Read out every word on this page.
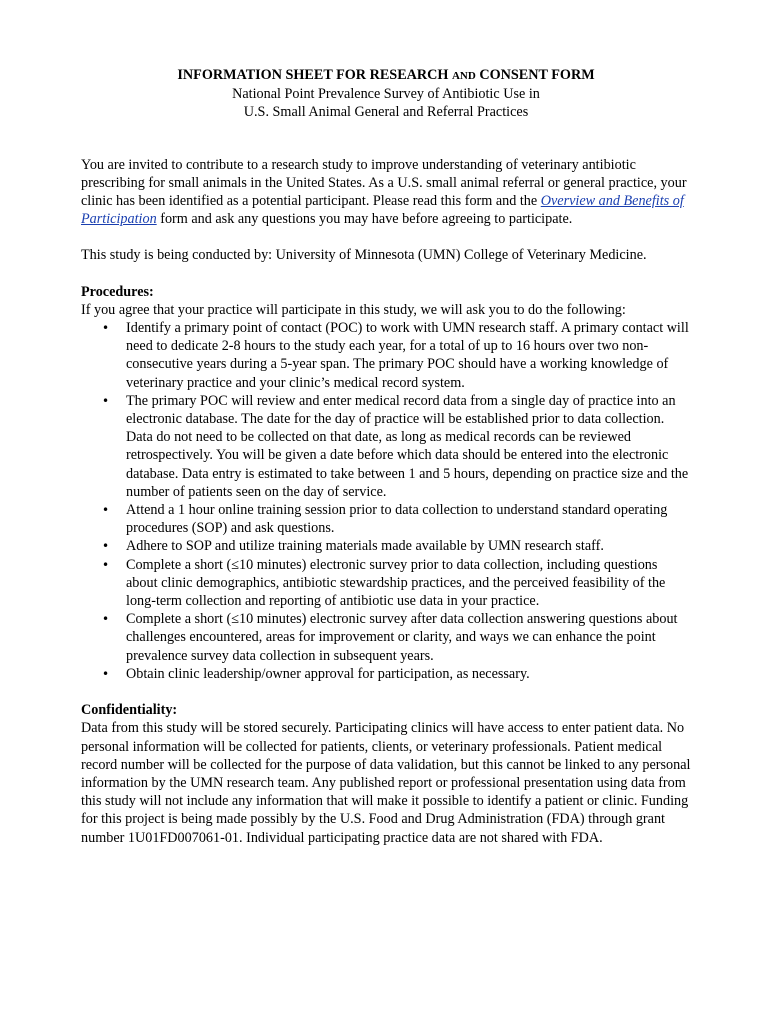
INFORMATION SHEET FOR RESEARCH AND CONSENT FORM
National Point Prevalence Survey of Antibiotic Use in
U.S. Small Animal General and Referral Practices

You are invited to contribute to a research study to improve understanding of veterinary antibiotic prescribing for small animals in the United States. As a U.S. small animal referral or general practice, your clinic has been identified as a potential participant. Please read this form and the Overview and Benefits of Participation form and ask any questions you may have before agreeing to participate.

This study is being conducted by: University of Minnesota (UMN) College of Veterinary Medicine.

Procedures:

If you agree that your practice will participate in this study, we will ask you to do the following:

• Identify a primary point of contact (POC) to work with UMN research staff. A primary contact will need to dedicate 2-8 hours to the study each year, for a total of up to 16 hours over two non-consecutive years during a 5-year span. The primary POC should have a working knowledge of veterinary practice and your clinic’s medical record system.
• The primary POC will review and enter medical record data from a single day of practice into an electronic database. The date for the day of practice will be established prior to data collection. Data do not need to be collected on that date, as long as medical records can be reviewed retrospectively. You will be given a date before which data should be entered into the electronic database. Data entry is estimated to take between 1 and 5 hours, depending on practice size and the number of patients seen on the day of service.
• Attend a 1 hour online training session prior to data collection to understand standard operating procedures (SOP) and ask questions.
• Adhere to SOP and utilize training materials made available by UMN research staff.
• Complete a short (≤10 minutes) electronic survey prior to data collection, including questions about clinic demographics, antibiotic stewardship practices, and the perceived feasibility of the long-term collection and reporting of antibiotic use data in your practice.
• Complete a short (≤10 minutes) electronic survey after data collection answering questions about challenges encountered, areas for improvement or clarity, and ways we can enhance the point prevalence survey data collection in subsequent years.
• Obtain clinic leadership/owner approval for participation, as necessary.
Confidentiality:

Data from this study will be stored securely. Participating clinics will have access to enter patient data. No personal information will be collected for patients, clients, or veterinary professionals. Patient medical record number will be collected for the purpose of data validation, but this cannot be linked to any personal information by the UMN research team. Any published report or professional presentation using data from this study will not include any information that will make it possible to identify a patient or clinic. Funding for this project is being made possibly by the U.S. Food and Drug Administration (FDA) through grant number 1U01FD007061-01. Individual participating practice data are not shared with FDA.
